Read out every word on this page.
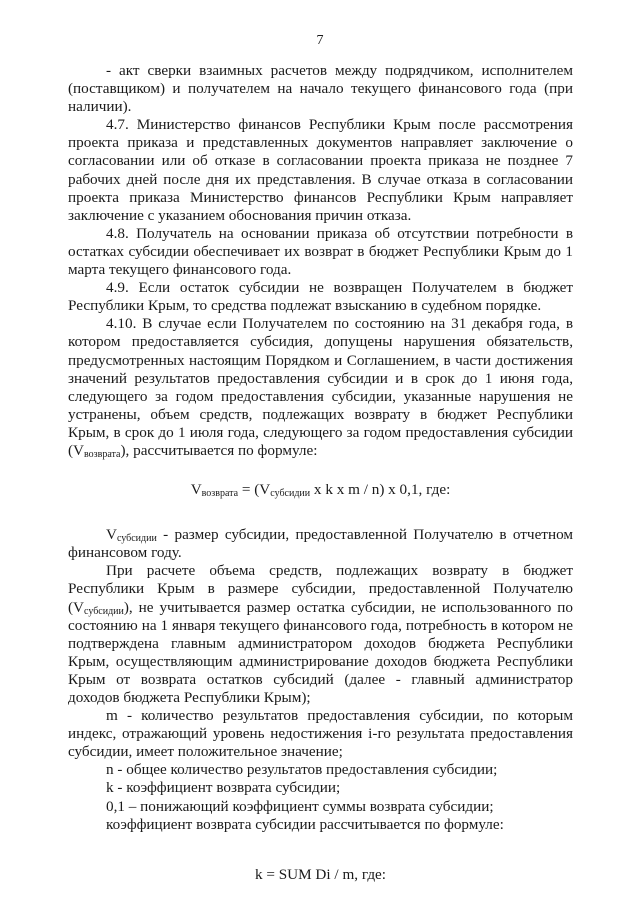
7

- акт сверки взаимных расчетов между подрядчиком, исполнителем (поставщиком) и получателем на начало текущего финансового года (при наличии).

4.7. Министерство финансов Республики Крым после рассмотрения проекта приказа и представленных документов направляет заключение о согласовании или об отказе в согласовании проекта приказа не позднее 7 рабочих дней после дня их представления. В случае отказа в согласовании проекта приказа Министерство финансов Республики Крым направляет заключение с указанием обоснования причин отказа.

4.8. Получатель на основании приказа об отсутствии потребности в остатках субсидии обеспечивает их возврат в бюджет Республики Крым до 1 марта текущего финансового года.

4.9. Если остаток субсидии не возвращен Получателем в бюджет Республики Крым, то средства подлежат взысканию в судебном порядке.

4.10. В случае если Получателем по состоянию на 31 декабря года, в котором предоставляется субсидия, допущены нарушения обязательств, предусмотренных настоящим Порядком и Соглашением, в части достижения значений результатов предоставления субсидии и в срок до 1 июня года, следующего за годом предоставления субсидии, указанные нарушения не устранены, объем средств, подлежащих возврату в бюджет Республики Крым, в срок до 1 июля года, следующего за годом предоставления субсидии $(V_{возврата})$, рассчитывается по формуле:

$V_{возврата} = (V_{субсидии}$ x k x m / n) x 0,1, где:

$V_{субсидии}$ - размер субсидии, предоставленной Получателю в отчетном финансовом году.

При расчете объема средств, подлежащих возврату в бюджет Республики Крым в размере субсидии, предоставленной Получателю $(V_{субсидии})$, не учитывается размер остатка субсидии, не использованного по состоянию на 1 января текущего финансового года, потребность в котором не подтверждена главным администратором доходов бюджета Республики Крым, осуществляющим администрирование доходов бюджета Республики Крым от возврата остатков субсидий (далее - главный администратор доходов бюджета Республики Крым);

m - количество результатов предоставления субсидии, по которым индекс, отражающий уровень недостижения i-го результата предоставления субсидии, имеет положительное значение;

n - общее количество результатов предоставления субсидии;

k - коэффициент возврата субсидии;

0,1 – понижающий коэффициент суммы возврата субсидии;

коэффициент возврата субсидии рассчитывается по формуле:

k = SUM Di / m, где:
